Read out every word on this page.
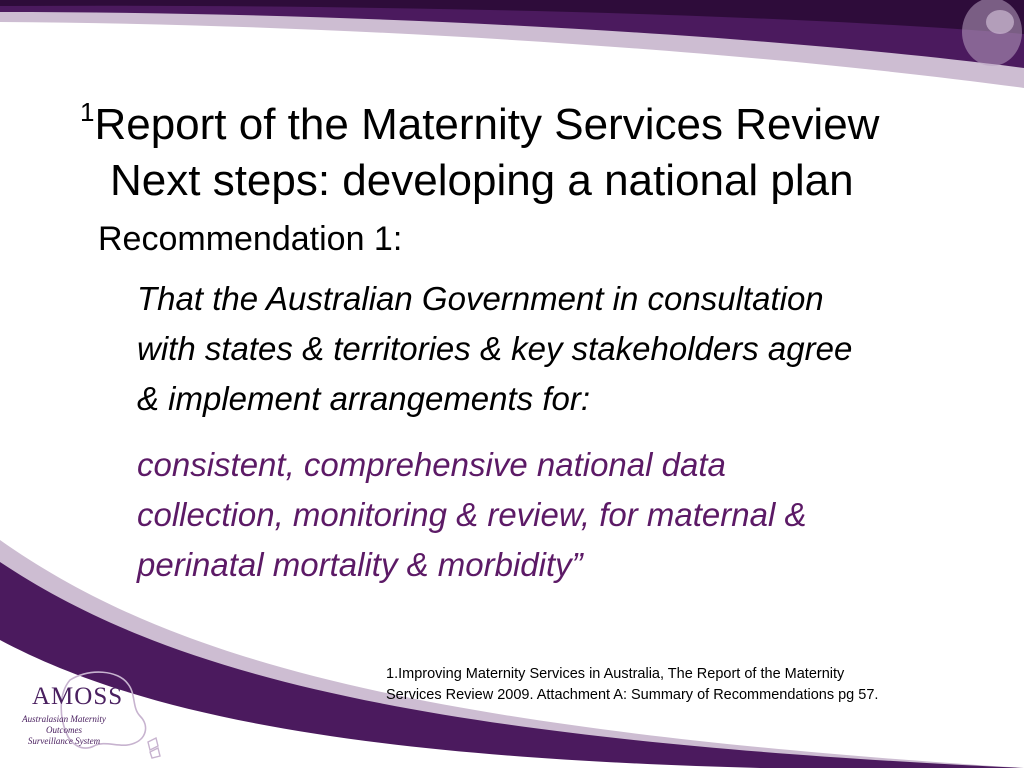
$^1$Report of the Maternity Services Review
Next steps: developing a national plan
Recommendation 1:
That the Australian Government in consultation
with states & territories & key stakeholders agree
& implement arrangements for:
consistent, comprehensive national data
collection, monitoring & review, for maternal &
perinatal mortality & morbidity”
1.Improving Maternity Services in Australia, The Report of the Maternity
Services Review 2009. Attachment A: Summary of Recommendations pg 57.
AMOSS
Australasian Maternity Outcomes
Surveillance System
